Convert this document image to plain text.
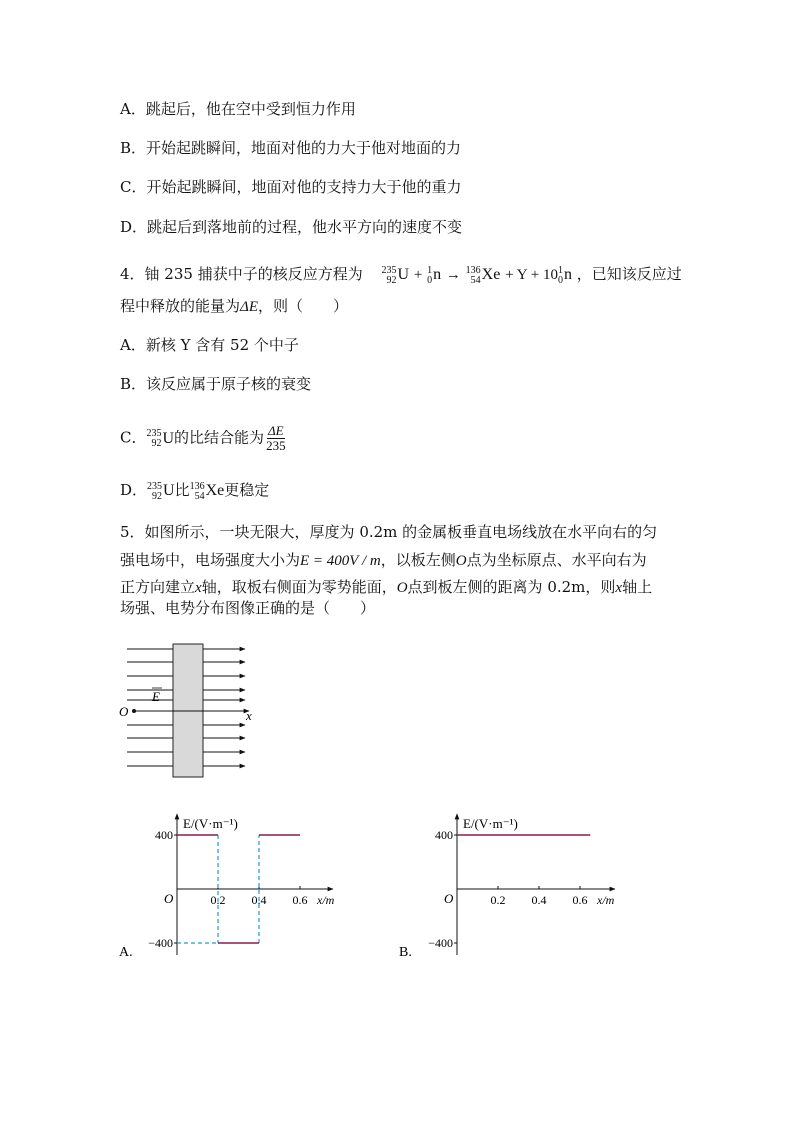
A．跳起后，他在空中受到恒力作用
B．开始起跳瞬间，地面对他的力大于他对地面的力
C．开始起跳瞬间，地面对他的支持力大于他的重力
D．跳起后到落地前的过程，他水平方向的速度不变
4．铀 235 捕获中子的核反应方程为 235
92 U + 1
0 n → 136
54 Xe + Y + 10 1
0 n ，已知该反应过
程中释放的能量为ΔE，则（　　）
A．新核 Y 含有 52 个中子
B．该反应属于原子核的衰变
C． 235
92 U的比结合能为 $\frac{\Delta E}{235}$
D． 235
92 U比 136
54 Xe更稳定
5．如图所示，一块无限大，厚度为 0.2m 的金属板垂直电场线放在水平向右的匀
强电场中，电场强度大小为E = 400V / m，以板左侧O点为坐标原点、水平向右为
正方向建立x轴，取板右侧面为零势能面，O点到板左侧的距离为 0.2m，则x轴上
场强、电势分布图像正确的是（　　）
O	x
E
E/(V·m⁻¹)
x/m
O
400
−400
0.2 0.4 0.6
A.
E/(V·m⁻¹)
x/m
O
400
−400
0.2 0.4 0.6
B.
